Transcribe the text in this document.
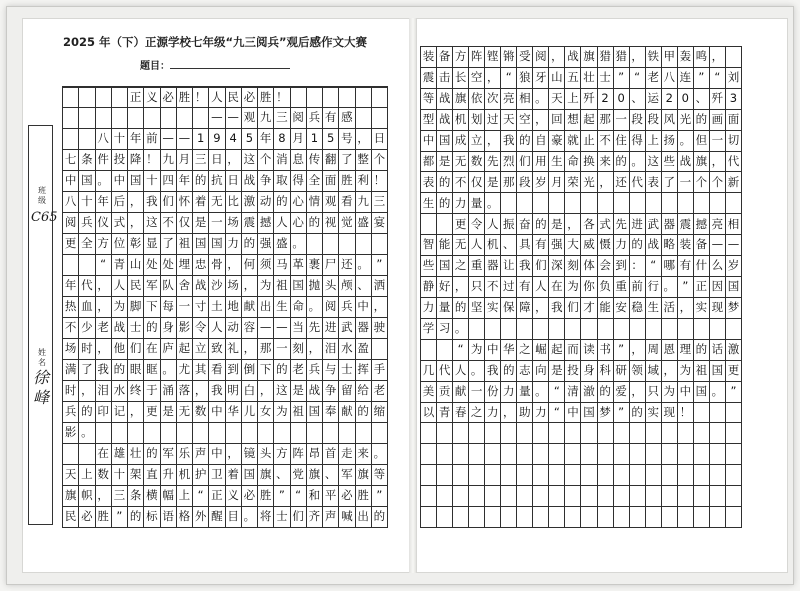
2025 年（下）正源学校七年级“九三阅兵”观后感作文大赛
题目：
班级
C65
姓名
徐峰
正 义 必 胜 ！ 人 民 必 胜 ！
— — 观 九 三 阅 兵 有 感
八 十 年 前 — — 1 9 4 5 年 8 月 1 5 号 ， 日
七 条 件 投 降 ！ 九 月 三 日 ， 这 个 消 息 传 翻 了 整 个
中 国 。 中 国 十 四 年 的 抗 日 战 争 取 得 全 面 胜 利 ！
八 十 年 后 ， 我 们 怀 着 无 比 激 动 的 心 情 观 看 九 三
阅 兵 仪 式 ， 这 不 仅 是 一 场 震 撼 人 心 的 视 觉 盛 宴
更 全 方 位 彰 显 了 祖 国 国 力 的 强 盛 。
“ 青 山 处 处 埋 忠 骨 ， 何 须 马 革 裹 尸 还 。 ”
年 代 ， 人 民 军 队 舍 战 沙 场 ， 为 祖 国 抛 头 颅 、 洒
热 血 ， 为 脚 下 每 一 寸 土 地 献 出 生 命 。 阅 兵 中 ，
不 少 老 战 士 的 身 影 令 人 动 容 — — 当 先 进 武 器 驶
场 时 ， 他 们 在 庐 起 立 致 礼 ， 那 一 刻 ， 泪 水 盈
满 了 我 的 眼 眶 。 尤 其 看 到 倒 下 的 老 兵 与 士 挥 手
时 ， 泪 水 终 于 涌 落 ， 我 明 白 ， 这 是 战 争 留 给 老
兵 的 印 记 ， 更 是 无 数 中 华 儿 女 为 祖 国 奉 献 的 缩
影 。
在 雄 壮 的 军 乐 声 中 ， 镜 头 方 阵 昂 首 走 来 。
天 上 数 十 架 直 升 机 护 卫 着 国 旗 、 党 旗 、 军 旗 等
旗 帜 ， 三 条 横 幅 上 “ 正 义 必 胜 ” “ 和 平 必 胜 ”
民 必 胜 ” 的 标 语 格 外 醒 目 。 将 士 们 齐 声 喊 出 的
装 备 方 阵 铿 锵 受 阅 ， 战 旗 猎 猎 ， 铁 甲 轰 鸣 ，
震 击 长 空 ， “ 狼 牙 山 五 壮 士 ” “ 老 八 连 ” “ 刘
等 战 旗 依 次 亮 相 。 天 上 歼 2 0 、 运 2 0 、 歼 3
型 战 机 划 过 天 空 ， 回 想 起 那 一 段 段 风 光 的 画 面
中 国 成 立 ， 我 的 自 豪 就 止 不 住 得 上 扬 。 但 一 切
都 是 无 数 先 烈 们 用 生 命 换 来 的 。 这 些 战 旗 ， 代
表 的 不 仅 是 那 段 岁 月 荣 光 ， 还 代 表 了 一 个 个 新
生 的 力 量 。
更 令 人 振 奋 的 是 ， 各 式 先 进 武 器 震 撼 亮 相
智 能 无 人 机 、 具 有 强 大 威 慑 力 的 战 略 装 备 — —
些 国 之 重 器 让 我 们 深 刻 体 会 到 ： “ 哪 有 什 么 岁
静 好 ， 只 不 过 有 人 在 为 你 负 重 前 行 。 ” 正 因 国
力 量 的 坚 实 保 障 ， 我 们 才 能 安 稳 生 活 ， 实 现 梦
学 习 。
“ 为 中 华 之 崛 起 而 读 书 ” ， 周 恩 理 的 话 激
几 代 人 。 我 的 志 向 是 投 身 科 研 领 域 ， 为 祖 国 更
美 贡 献 一 份 力 量 。 “ 清 澈 的 爱 ， 只 为 中 国 。 ”
以 青 春 之 力 ， 助 力 “ 中 国 梦 ” 的 实 现 ！
